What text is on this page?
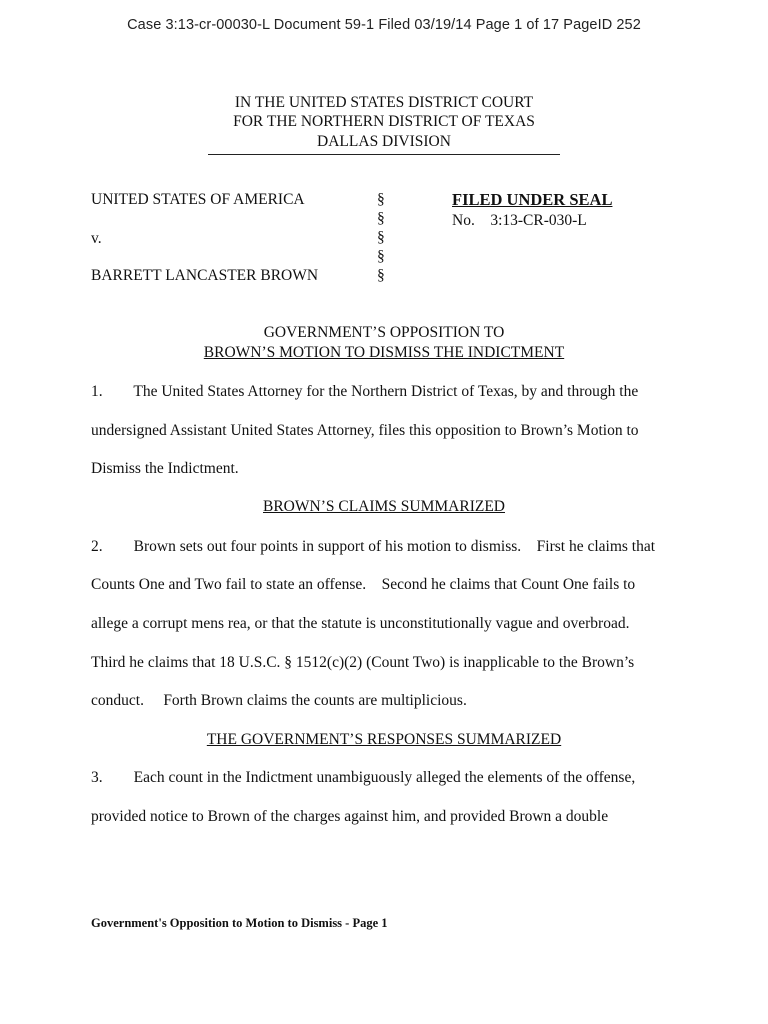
Case 3:13-cr-00030-L Document 59-1 Filed 03/19/14 Page 1 of 17 PageID 252
IN THE UNITED STATES DISTRICT COURT
FOR THE NORTHERN DISTRICT OF TEXAS
DALLAS DIVISION
UNITED STATES OF AMERICA
v.
BARRETT LANCASTER BROWN
§
§
§
§
§
FILED UNDER SEAL
No.    3:13-CR-030-L
GOVERNMENT’S OPPOSITION TO
BROWN’S MOTION TO DISMISS THE INDICTMENT
1.        The United States Attorney for the Northern District of Texas, by and through the
undersigned Assistant United States Attorney, files this opposition to Brown’s Motion to
Dismiss the Indictment.
BROWN’S CLAIMS SUMMARIZED
2.        Brown sets out four points in support of his motion to dismiss.    First he claims that
Counts One and Two fail to state an offense.    Second he claims that Count One fails to
allege a corrupt mens rea, or that the statute is unconstitutionally vague and overbroad.
Third he claims that 18 U.S.C. § 1512(c)(2) (Count Two) is inapplicable to the Brown’s
conduct.     Forth Brown claims the counts are multiplicious.
THE GOVERNMENT’S RESPONSES SUMMARIZED
3.        Each count in the Indictment unambiguously alleged the elements of the offense,
provided notice to Brown of the charges against him, and provided Brown a double
Government's Opposition to Motion to Dismiss - Page 1
